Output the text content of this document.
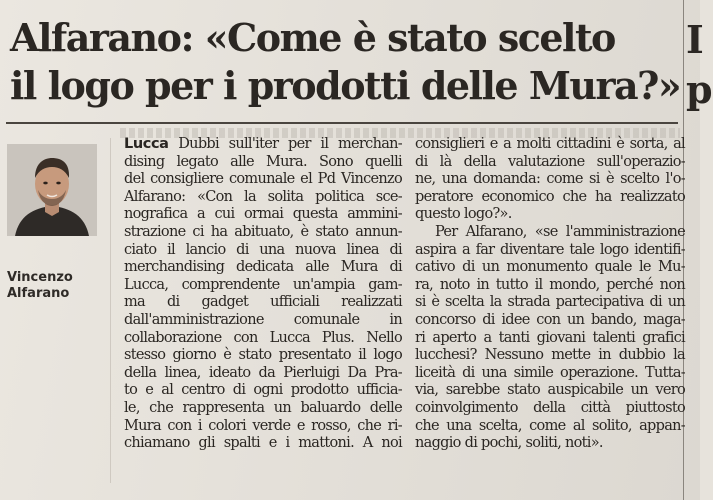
Alfarano: «Come è stato scelto
il logo per i prodotti delle Mura?»
I
p
Vincenzo
Alfarano
Lucca Dubbi sull'iter per il merchan-
dising legato alle Mura. Sono quelli
del consigliere comunale el Pd Vincenzo
Alfarano: «Con la solita politica sce-
nografica a cui ormai questa ammini-
strazione ci ha abituato, è stato annun-
ciato il lancio di una nuova linea di
merchandising dedicata alle Mura di
Lucca, comprendente un'ampia gam-
ma di gadget ufficiali realizzati
dall'amministrazione comunale in
collaborazione con Lucca Plus. Nello
stesso giorno è stato presentato il logo
della linea, ideato da Pierluigi Da Pra-
to e al centro di ogni prodotto ufficia-
le, che rappresenta un baluardo delle
Mura con i colori verde e rosso, che ri-
chiamano gli spalti e i mattoni. A noi
consiglieri e a molti cittadini è sorta, al
di là della valutazione sull'operazio-
ne, una domanda: come si è scelto l'o-
peratore economico che ha realizzato
questo logo?».
Per Alfarano, «se l'amministrazione
aspira a far diventare tale logo identifi-
cativo di un monumento quale le Mu-
ra, noto in tutto il mondo, perché non
si è scelta la strada partecipativa di un
concorso di idee con un bando, maga-
ri aperto a tanti giovani talenti grafici
lucchesi? Nessuno mette in dubbio la
liceità di una simile operazione. Tutta-
via, sarebbe stato auspicabile un vero
coinvolgimento della città piuttosto
che una scelta, come al solito, appan-
naggio di pochi, soliti, noti».
